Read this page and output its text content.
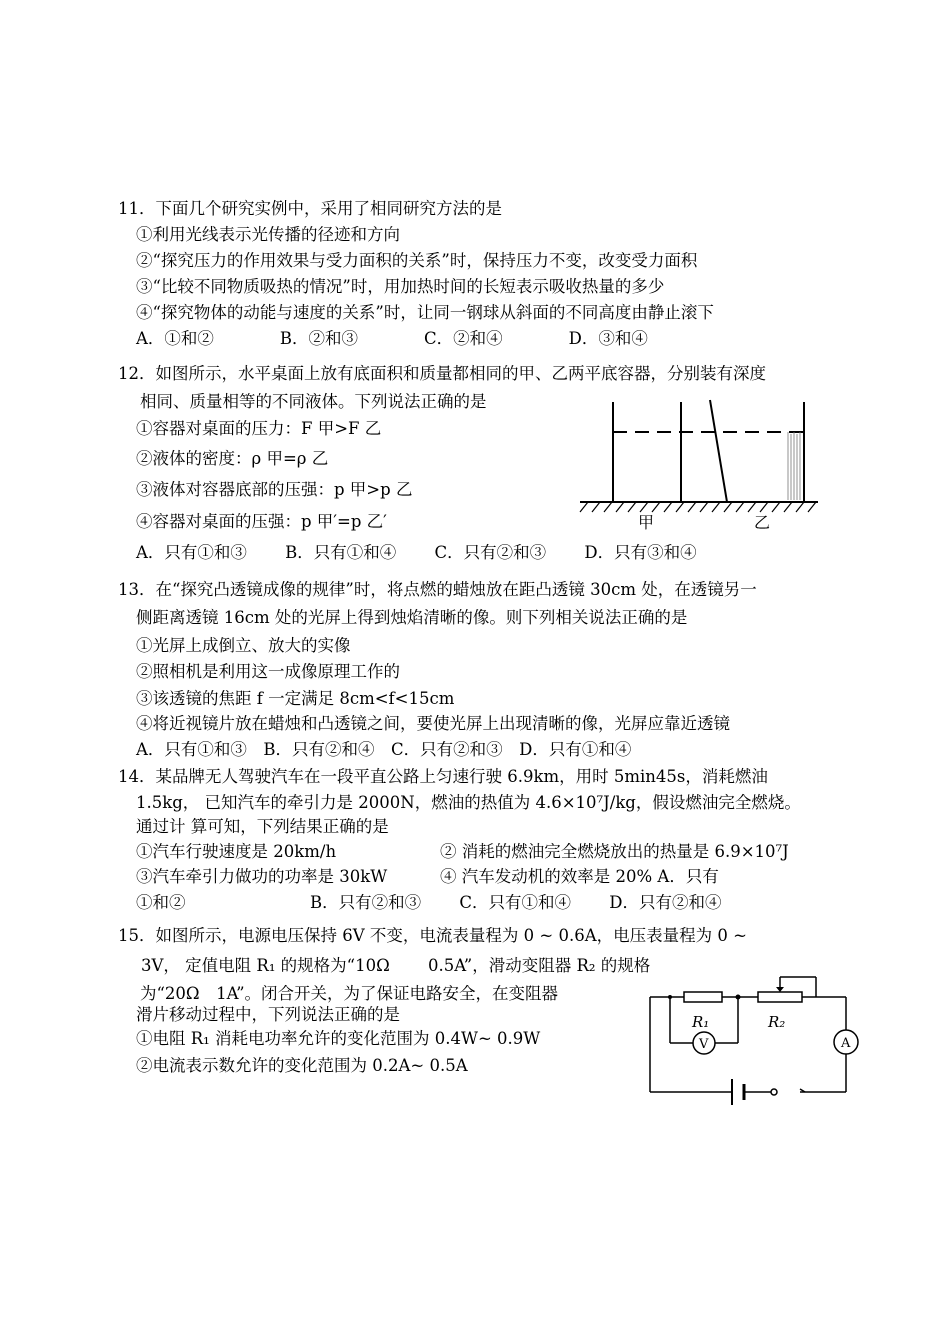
11．下面几个研究实例中，采用了相同研究方法的是
①利用光线表示光传播的径迹和方向
②“探究压力的作用效果与受力面积的关系”时，保持压力不变，改变受力面积
③“比较不同物质吸热的情况”时，用加热时间的长短表示吸收热量的多少
④“探究物体的动能与速度的关系”时，让同一钢球从斜面的不同高度由静止滚下
A．①和②　　　　B．②和③　　　　C．②和④　　　　D．③和④
12．如图所示，水平桌面上放有底面积和质量都相同的甲、乙两平底容器，分别装有深度
相同、质量相等的不同液体。下列说法正确的是
①容器对桌面的压力：F 甲>F 乙
②液体的密度：ρ 甲=ρ 乙
③液体对容器底部的压强：p 甲>p 乙
④容器对桌面的压强：p 甲′=p 乙′
A．只有①和③　　 B．只有①和④　　 C．只有②和③　　 D．只有③和④
甲	乙
13．在“探究凸透镜成像的规律”时，将点燃的蜡烛放在距凸透镜 30cm 处，在透镜另一
侧距离透镜 16cm 处的光屏上得到烛焰清晰的像。则下列相关说法正确的是
①光屏上成倒立、放大的实像
②照相机是利用这一成像原理工作的
③该透镜的焦距 f 一定满足 8cm<f<15cm
④将近视镜片放在蜡烛和凸透镜之间，要使光屏上出现清晰的像，光屏应靠近透镜
A．只有①和③　B．只有②和④　C．只有②和③　D．只有①和④
14．某品牌无人驾驶汽车在一段平直公路上匀速行驶 6.9km，用时 5min45s，消耗燃油
1.5kg， 已知汽车的牵引力是 2000N，燃油的热值为 4.6×10⁷J/kg，假设燃油完全燃烧。
通过计 算可知，下列结果正确的是
①汽车行驶速度是 20km/h	② 消耗的燃油完全燃烧放出的热量是 6.9×10⁷J
③汽车牵引力做功的功率是 30kW	④ 汽车发动机的效率是 20% A．只有
①和②	B．只有②和③　　 C．只有①和④　　 D．只有②和④
15．如图所示，电源电压保持 6V 不变，电流表量程为 0 ~ 0.6A，电压表量程为 0 ~
3V， 定值电阻 R₁ 的规格为“10Ω　　 0.5A”，滑动变阻器 R₂ 的规格
为“20Ω　1A”。闭合开关，为了保证电路安全，在变阻器
滑片移动过程中，下列说法正确的是
①电阻 R₁ 消耗电功率允许的变化范围为 0.4W~ 0.9W
②电流表示数允许的变化范围为 0.2A~ 0.5A
R₁	R₂
V	A
